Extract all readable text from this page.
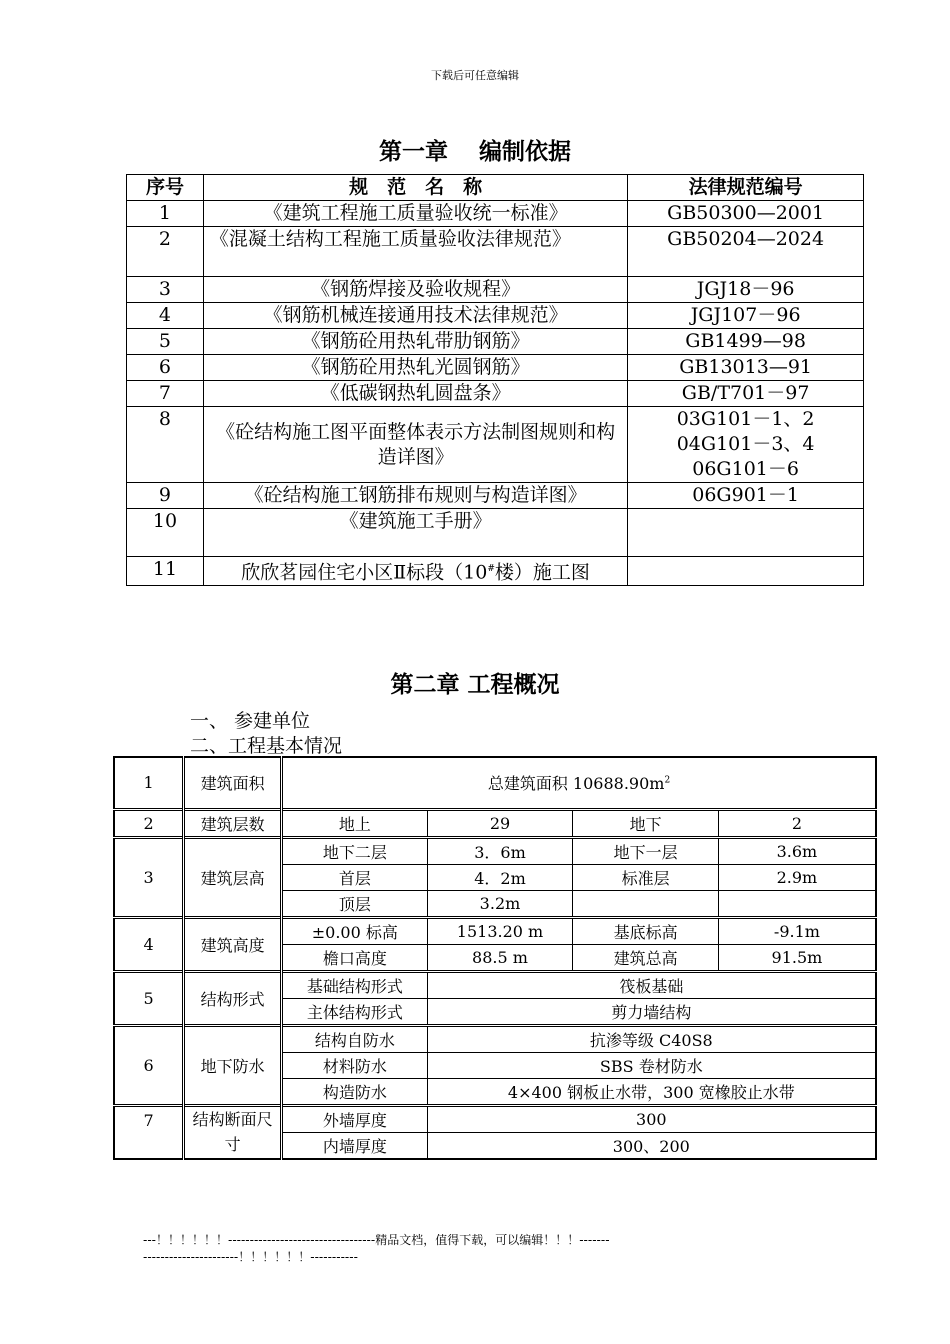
下载后可任意编辑
第一章　 编制依据
序号	规　范　名　称	法律规范编号
1	《建筑工程施工质量验收统一标准》	GB50300—2001
2	《混凝土结构工程施工质量验收法律规范》	GB50204—2024
3	《钢筋焊接及验收规程》	JGJ18－96
4	《钢筋机械连接通用技术法律规范》	JGJ107－96
5	《钢筋砼用热轧带肋钢筋》	GB1499—98
6	《钢筋砼用热轧光圆钢筋》	GB13013—91
7	《低碳钢热轧圆盘条》	GB/T701－97
8	《砼结构施工图平面整体表示方法制图规则和构造详图》	03G101－1、2
04G101－3、4
06G101－6

9	《砼结构施工钢筋排布规则与构造详图》	06G901－1
10	《建筑施工手册》	
11	欣欣茗园住宅小区Ⅱ标段（10#楼）施工图	
第二章 工程概况
一、 参建单位
二、工程基本情况
1	建筑面积	总建筑面积 $10688.90m^2$
2	建筑层数	地上	29	地下	2
3	建筑层高	地下二层	3．6m	地下一层	3.6m
		首层	4．2m	标准层	2.9m
		顶层	3.2m		
4	建筑高度	±0.00 标高	1513.20 m	基底标高	-9.1m
		檐口高度	88.5 m	建筑总高	91.5m
5	结构形式	基础结构形式	筏板基础		
		主体结构形式	剪力墙结构		
6	地下防水	结构自防水	抗渗等级 C40S8		
		材料防水	SBS 卷材防水		
		构造防水	4×400 钢板止水带，300 宽橡胶止水带		
7	结构断面尺寸	外墙厚度	300		
		内墙厚度	300、200		
---！！！！！！----------------------------------精品文档，值得下载，可以编辑！！！-----------------------------！！！！！！-----------
